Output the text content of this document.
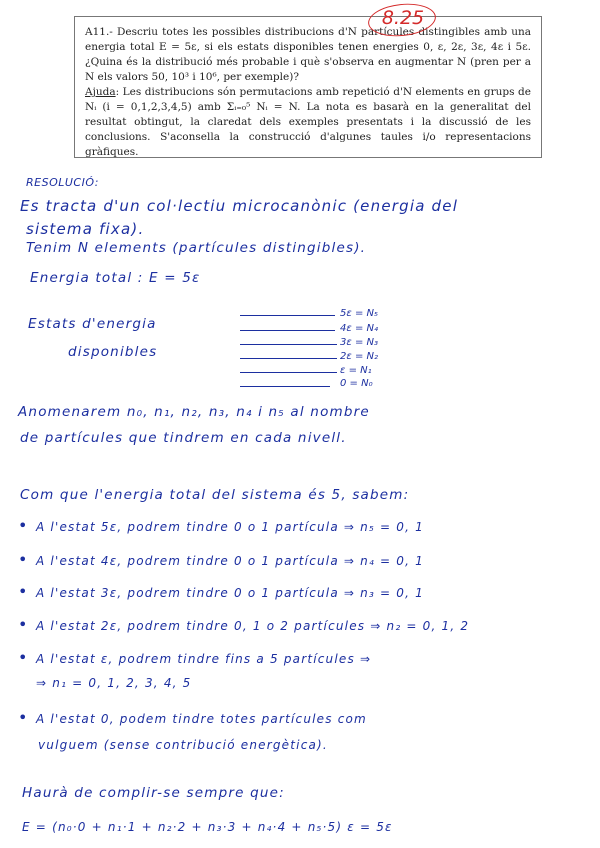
A11.- Descriu totes les possibles distribucions d'N partícules distingibles amb una energia total E = 5ε, si els estats disponibles tenen energies 0, ε, 2ε, 3ε, 4ε i 5ε. ¿Quina és la distribució més probable i què s'observa en augmentar N (pren per a N els valors 50, 10³ i 10⁶, per exemple)?

Ajuda: Les distribucions són permutacions amb repetició d'N elements en grups de Nᵢ (i = 0,1,2,3,4,5) amb Σᵢ₌₀⁵ Nᵢ = N. La nota es basarà en la generalitat del resultat obtingut, la claredat dels exemples presentats i la discussió de les conclusions. S'aconsella la construcció d'algunes taules i/o representacions gràfiques.

8.25
RESOLUCIÓ:
Es tracta d'un col·lectiu microcanònic (energia del
sistema fixa).
Tenim N elements (partícules distingibles).
Energia total : E = 5ε
Estats d'energia
disponibles
5ε = N₅
4ε = N₄
3ε = N₃
2ε = N₂
ε = N₁
0 = N₀
Anomenarem n₀, n₁, n₂, n₃, n₄ i n₅ al nombre
de partícules que tindrem en cada nivell.
Com que l'energia total del sistema és 5, sabem:
• A l'estat 5ε, podrem tindre 0 o 1 partícula ⇒ n₅ = 0, 1
• A l'estat 4ε, podrem tindre 0 o 1 partícula ⇒ n₄ = 0, 1
• A l'estat 3ε, podrem tindre 0 o 1 partícula ⇒ n₃ = 0, 1
• A l'estat 2ε, podrem tindre 0, 1 o 2 partícules ⇒ n₂ = 0, 1, 2
• A l'estat ε, podrem tindre fins a 5 partícules ⇒
⇒ n₁ = 0, 1, 2, 3, 4, 5
• A l'estat 0, podem tindre totes partícules com
vulguem (sense contribució energètica).
Haurà de complir-se sempre que:
E = (n₀·0 + n₁·1 + n₂·2 + n₃·3 + n₄·4 + n₅·5) ε = 5ε
